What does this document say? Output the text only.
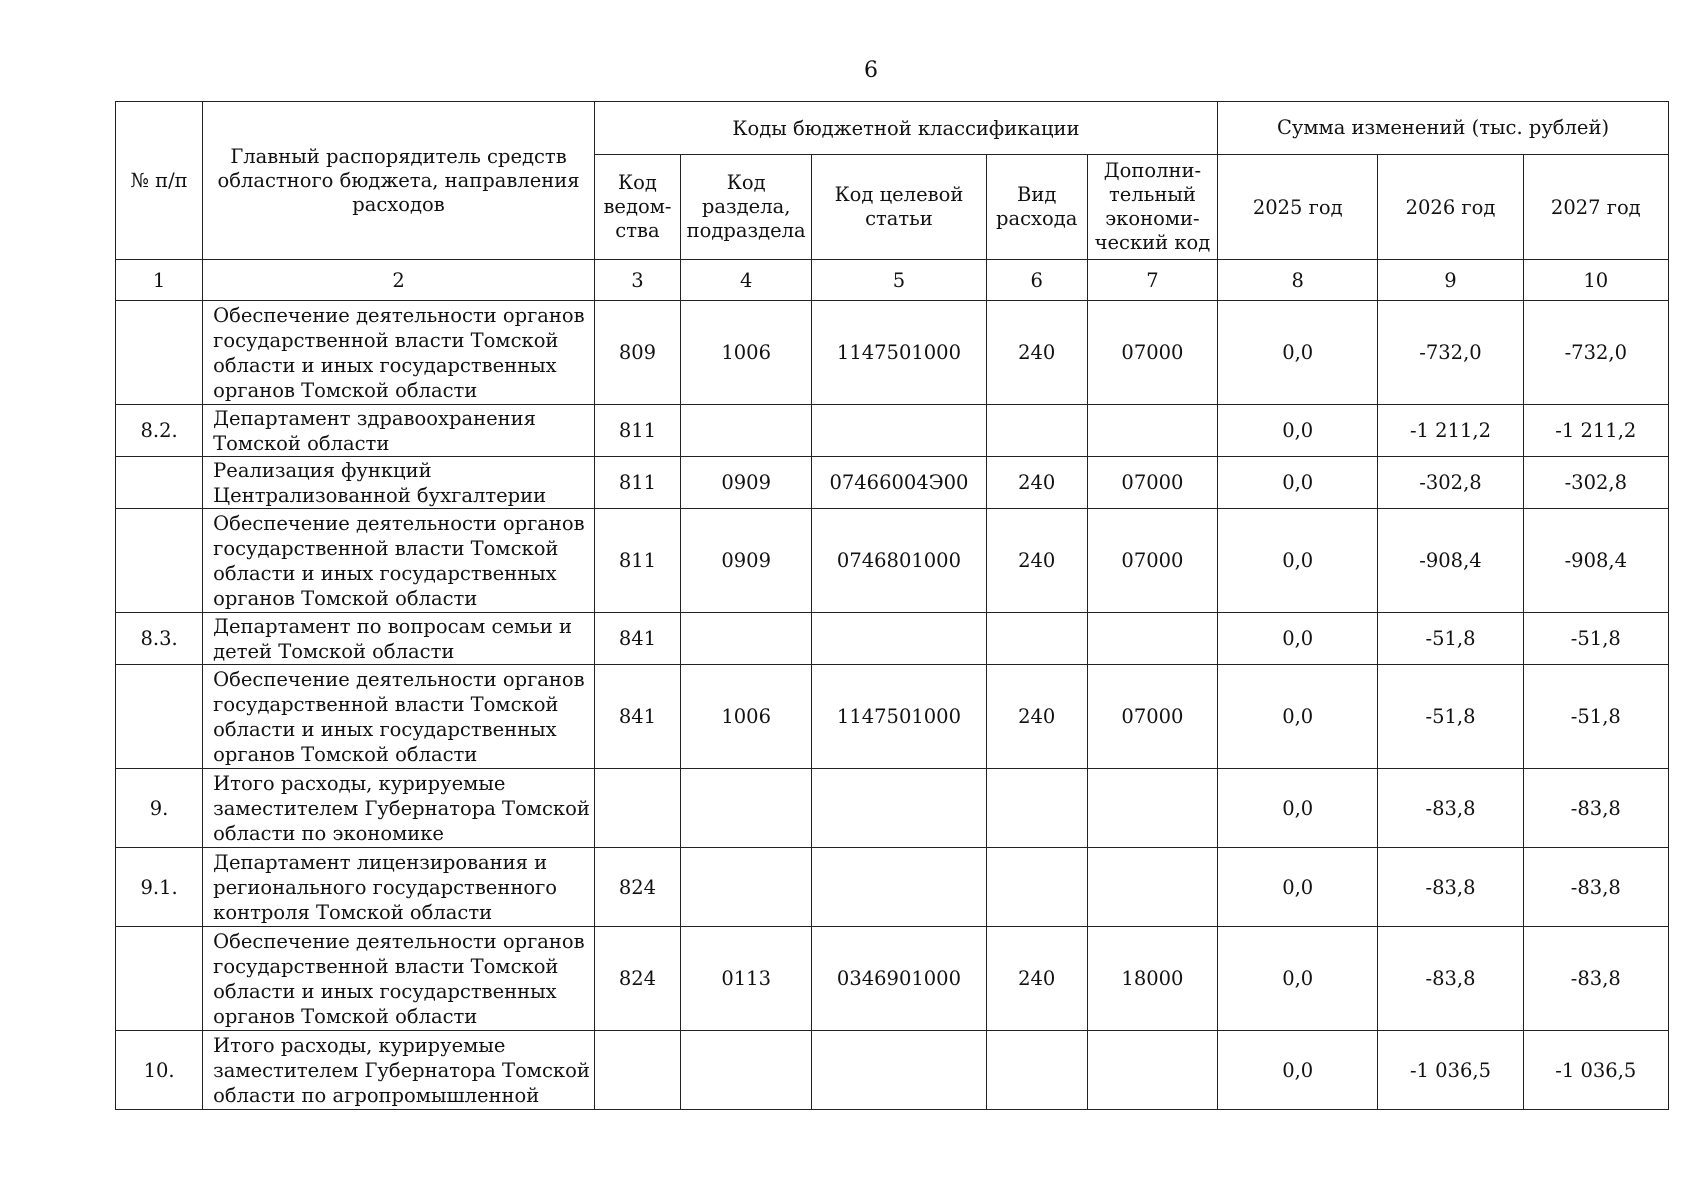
6
№ п/п	Главный распорядитель средств областного бюджета, направления расходов	Коды бюджетной классификации					Сумма изменений (тыс. рублей)		
		Код ведом-ства	Код раздела, подраздела	Код целевой статьи	Вид расхода	Дополни-тельный экономи-ческий код	2025 год	2026 год	2027 год
1	2	3	4	5	6	7	8	9	10
	Обеспечение деятельности органов государственной власти Томской области и иных государственных органов Томской области	809	1006	1147501000	240	07000	0,0	-732,0	-732,0
8.2.	Департамент здравоохранения Томской области	811					0,0	-1 211,2	-1 211,2
	Реализация функций Централизованной бухгалтерии	811	0909	07466004Э00	240	07000	0,0	-302,8	-302,8
	Обеспечение деятельности органов государственной власти Томской области и иных государственных органов Томской области	811	0909	0746801000	240	07000	0,0	-908,4	-908,4
8.3.	Департамент по вопросам семьи и детей Томской области	841					0,0	-51,8	-51,8
	Обеспечение деятельности органов государственной власти Томской области и иных государственных органов Томской области	841	1006	1147501000	240	07000	0,0	-51,8	-51,8
9.	Итого расходы, курируемые заместителем Губернатора Томской области по экономике						0,0	-83,8	-83,8
9.1.	Департамент лицензирования и регионального государственного контроля Томской области	824					0,0	-83,8	-83,8
	Обеспечение деятельности органов государственной власти Томской области и иных государственных органов Томской области	824	0113	0346901000	240	18000	0,0	-83,8	-83,8
10.	Итого расходы, курируемые заместителем Губернатора Томской области по агропромышленной						0,0	-1 036,5	-1 036,5
